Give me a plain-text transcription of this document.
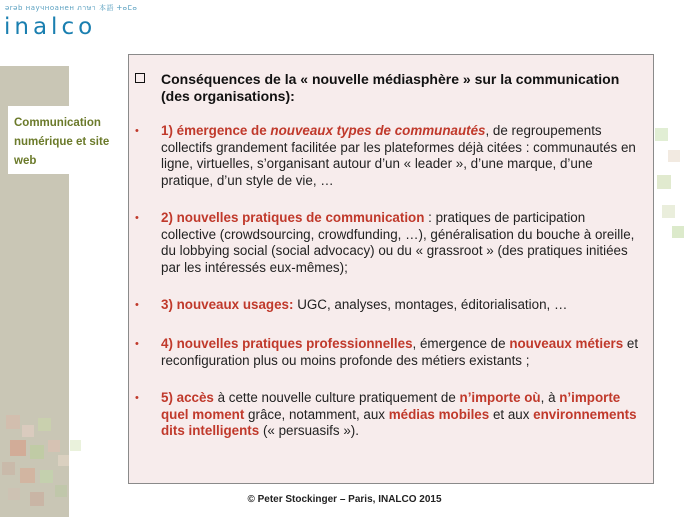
ərəb научноанен ภาษา 本語 ⵜⴰⵎⴰ
inalco
Communication
numérique et site
web
Conséquences de la « nouvelle médiasphère » sur la communication (des organisations):
•	1) émergence de nouveaux types de communautés, de regroupements collectifs grandement facilitée par les plateformes déjà citées : communautés en ligne, virtuelles, s’organisant autour d’un « leader », d’une marque, d’une pratique, d’un style de vie, …
•	2) nouvelles pratiques de communication : pratiques de participation collective (crowdsourcing, crowdfunding, …), généralisation du bouche à oreille, du lobbying social (social advocacy) ou du « grassroot » (des pratiques initiées par les intéressés eux-mêmes);
•	3) nouveaux usages: UGC, analyses, montages, éditorialisation, …
•	4) nouvelles pratiques professionnelles, émergence de nouveaux métiers et reconfiguration plus ou moins profonde des métiers existants ;
•	5) accès à cette nouvelle culture pratiquement de n’importe où, à n’importe quel moment grâce, notamment, aux médias mobiles et aux environnements dits intelligents (« persuasifs »).
© Peter Stockinger – Paris, INALCO 2015
